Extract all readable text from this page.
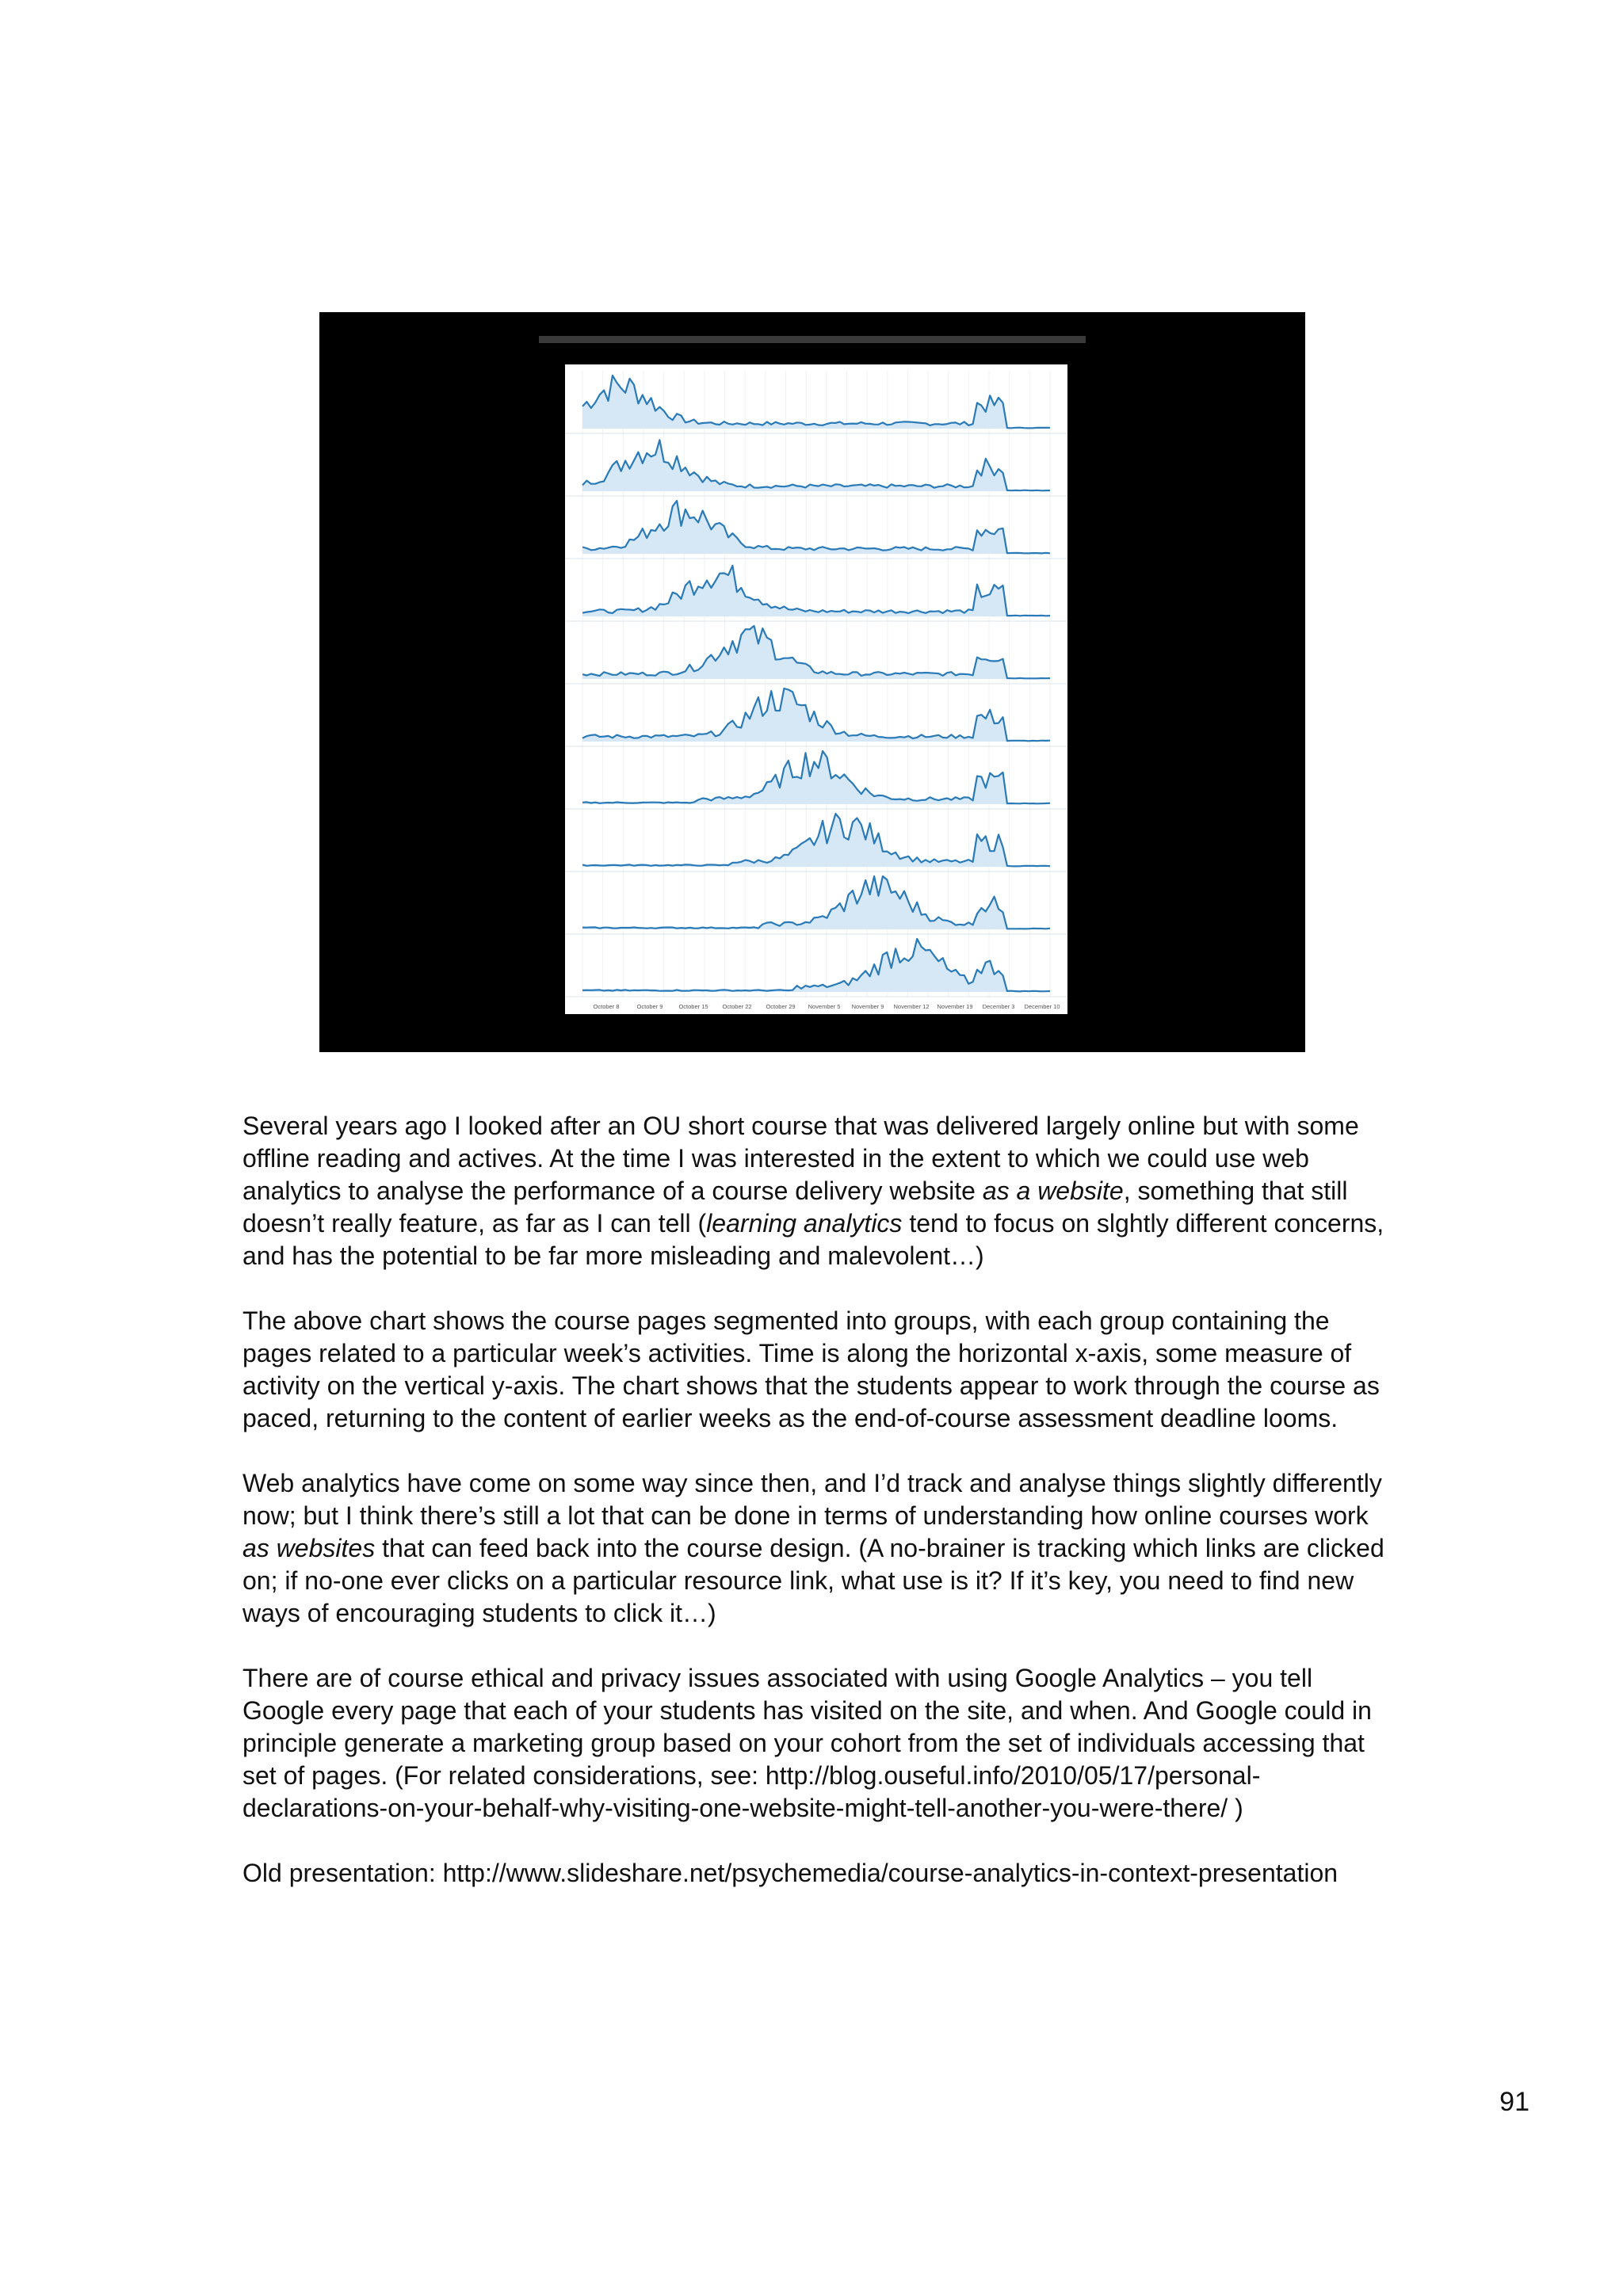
October 8	October 9	October 15 October 22 October 29 November 5 November 9 November 12 November 19 December 3 December 10

Several years ago I looked after an OU short course that was delivered largely online but with some offline reading and actives. At the time I was interested in the extent to which we could use web analytics to analyse the performance of a course delivery website as a website, something that still doesn’t really feature, as far as I can tell (learning analytics tend to focus on slghtly different concerns, and has the potential to be far more misleading and malevolent…)

The above chart shows the course pages segmented into groups, with each group containing the pages related to a particular week’s activities. Time is along the horizontal x-axis, some measure of activity on the vertical y-axis. The chart shows that the students appear to work through the course as paced, returning to the content of earlier weeks as the end-of-course assessment deadline looms.

Web analytics have come on some way since then, and I’d track and analyse things slightly differently now; but I think there’s still a lot that can be done in terms of understanding how online courses work as websites that can feed back into the course design. (A no-brainer is tracking which links are clicked on; if no-one ever clicks on a particular resource link, what use is it? If it’s key, you need to find new ways of encouraging students to click it…)

There are of course ethical and privacy issues associated with using Google Analytics – you tell Google every page that each of your students has visited on the site, and when. And Google could in principle generate a marketing group based on your cohort from the set of individuals accessing that set of pages. (For related considerations, see: http://blog.ouseful.info/2010/05/17/personal-declarations-on-your-behalf-why-visiting-one-website-might-tell-another-you-were-there/ )

Old presentation: http://www.slideshare.net/psychemedia/course-analytics-in-context-presentation

91
